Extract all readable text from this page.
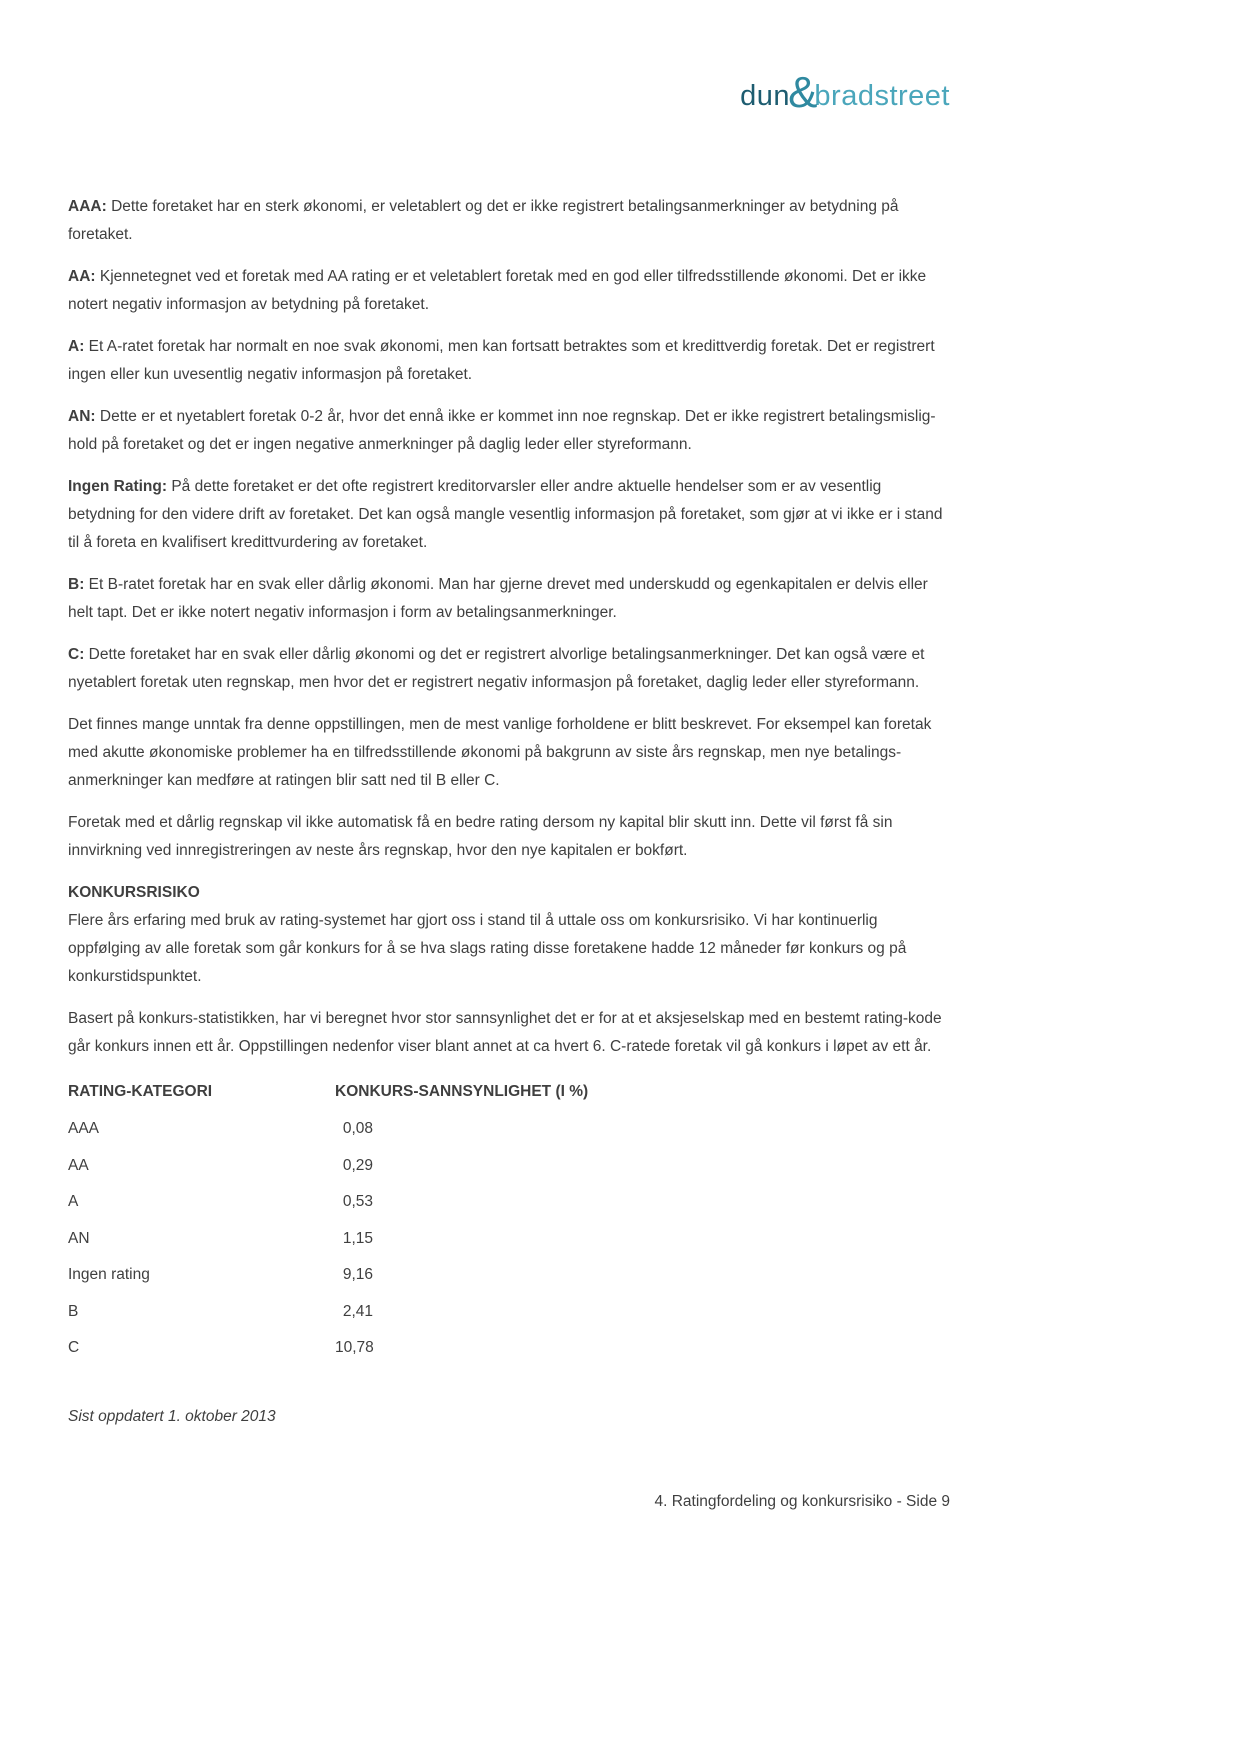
dun
&
bradstreet

AAA: Dette foretaket har en sterk økonomi, er veletablert og det er ikke registrert betalingsanmerkninger av betydning på foretaket.

AA: Kjennetegnet ved et foretak med AA rating er et veletablert foretak med en god eller tilfredsstillende økonomi. Det er ikke notert negativ informasjon av betydning på foretaket.

A: Et A-ratet foretak har normalt en noe svak økonomi, men kan fortsatt betraktes som et kredittverdig foretak. Det er registrert ingen eller kun uvesentlig negativ informasjon på foretaket.

AN: Dette er et nyetablert foretak 0-2 år, hvor det ennå ikke er kommet inn noe regnskap. Det er ikke registrert betalingsmislig- hold på foretaket og det er ingen negative anmerkninger på daglig leder eller styreformann.

Ingen Rating: På dette foretaket er det ofte registrert kreditorvarsler eller andre aktuelle hendelser som er av vesentlig betydning for den videre drift av foretaket. Det kan også mangle vesentlig informasjon på foretaket, som gjør at vi ikke er i stand til å foreta en kvalifisert kredittvurdering av foretaket.

B: Et B-ratet foretak har en svak eller dårlig økonomi. Man har gjerne drevet med underskudd og egenkapitalen er delvis eller helt tapt. Det er ikke notert negativ informasjon i form av betalingsanmerkninger.

C: Dette foretaket har en svak eller dårlig økonomi og det er registrert alvorlige betalingsanmerkninger. Det kan også være et nyetablert foretak uten regnskap, men hvor det er registrert negativ informasjon på foretaket, daglig leder eller styreformann.

Det finnes mange unntak fra denne oppstillingen, men de mest vanlige forholdene er blitt beskrevet. For eksempel kan foretak med akutte økonomiske problemer ha en tilfredsstillende økonomi på bakgrunn av siste års regnskap, men nye betalings- anmerkninger kan medføre at ratingen blir satt ned til B eller C.

Foretak med et dårlig regnskap vil ikke automatisk få en bedre rating dersom ny kapital blir skutt inn. Dette vil først få sin innvirkning ved innregistreringen av neste års regnskap, hvor den nye kapitalen er bokført.

KONKURSRISIKO

Flere års erfaring med bruk av rating-systemet har gjort oss i stand til å uttale oss om konkursrisiko. Vi har kontinuerlig oppfølging av alle foretak som går konkurs for å se hva slags rating disse foretakene hadde 12 måneder før konkurs og på konkurstidspunktet.

Basert på konkurs-statistikken, har vi beregnet hvor stor sannsynlighet det er for at et aksjeselskap med en bestemt rating-kode går konkurs innen ett år. Oppstillingen nedenfor viser blant annet at ca hvert 6. C-ratede foretak vil gå konkurs i løpet av ett år.

RATING-KATEGORI	KONKURS-SANNSYNLIGHET (I %)
AAA	0,08
AA	0,29
A	0,53
AN	1,15
Ingen rating	9,16
B	2,41
C	10,78

Sist oppdatert 1. oktober 2013

4. Ratingfordeling og konkursrisiko - Side 9
